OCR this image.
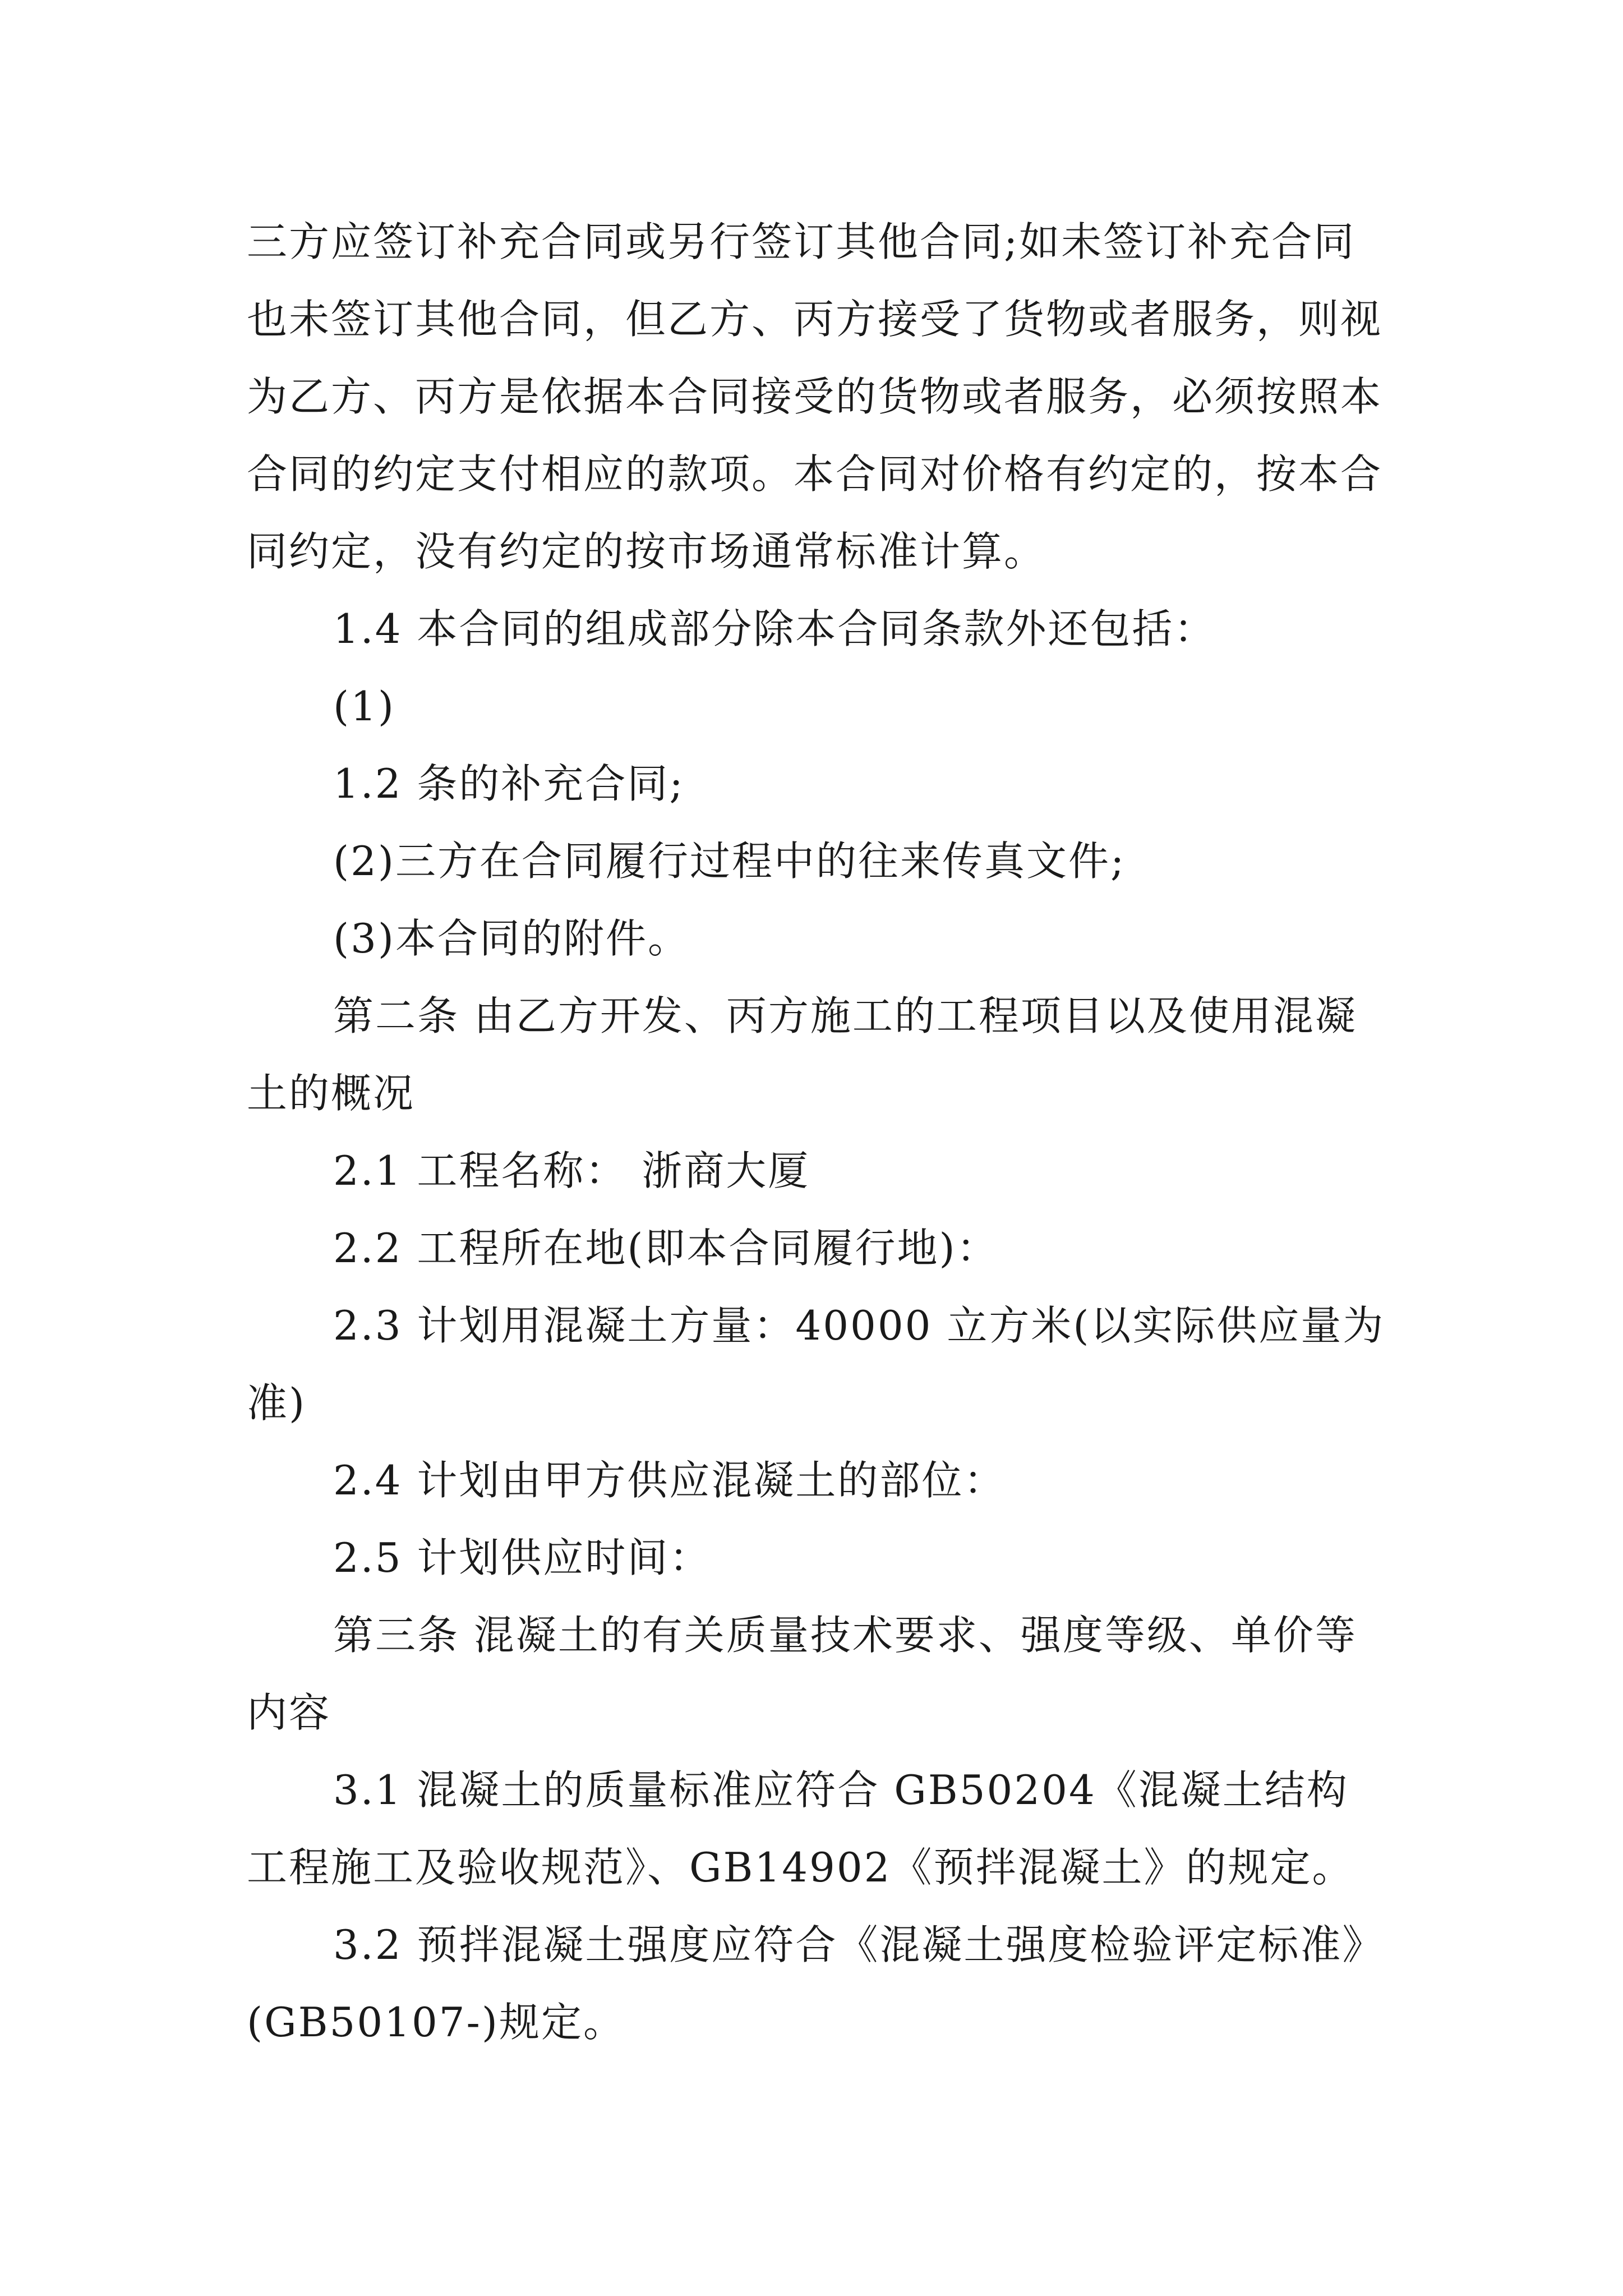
三方应签订补充合同或另行签订其他合同;如未签订补充合同也未签订其他合同，但乙方、丙方接受了货物或者服务，则视为乙方、丙方是依据本合同接受的货物或者服务，必须按照本合同的约定支付相应的款项。本合同对价格有约定的，按本合同约定，没有约定的按市场通常标准计算。

1.4 本合同的组成部分除本合同条款外还包括：

(1)

1.2 条的补充合同;

(2)三方在合同履行过程中的往来传真文件;

(3)本合同的附件。

第二条 由乙方开发、丙方施工的工程项目以及使用混凝土的概况

2.1 工程名称： 浙商大厦

2.2 工程所在地(即本合同履行地)：

2.3 计划用混凝土方量：40000 立方米(以实际供应量为准)

2.4 计划由甲方供应混凝土的部位：

2.5 计划供应时间：

第三条 混凝土的有关质量技术要求、强度等级、单价等内容

3.1 混凝土的质量标准应符合 GB50204《混凝土结构工程施工及验收规范》、GB14902《预拌混凝土》的规定。

3.2 预拌混凝土强度应符合《混凝土强度检验评定标准》(GB50107-)规定。
